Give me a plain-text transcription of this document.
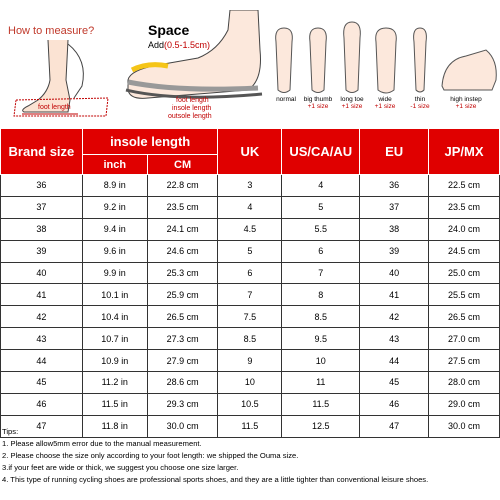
How to measure?
foot length
Space
Add(0.5-1.5cm)
foot length
insole length
outsole length
normal	big thumb
+1 size
long toe
+1 size
wide
+1 size
thin
-1 size
high instep
+1 size
Brand size	insole length		UK	US/CA/AU	EU	JP/MX
	inch	CM				
36	8.9 in	22.8 cm	3	4	36	22.5 cm
37	9.2 in	23.5 cm	4	5	37	23.5 cm
38	9.4 in	24.1 cm	4.5	5.5	38	24.0 cm
39	9.6 in	24.6 cm	5	6	39	24.5 cm
40	9.9 in	25.3 cm	6	7	40	25.0 cm
41	10.1 in	25.9 cm	7	8	41	25.5 cm
42	10.4 in	26.5 cm	7.5	8.5	42	26.5 cm
43	10.7 in	27.3 cm	8.5	9.5	43	27.0 cm
44	10.9 in	27.9 cm	9	10	44	27.5 cm
45	11.2 in	28.6 cm	10	11	45	28.0 cm
46	11.5 in	29.3 cm	10.5	11.5	46	29.0 cm
47	11.8 in	30.0 cm	11.5	12.5	47	30.0 cm
Tips:
1. Please allow5mm error due to the manual measurement.
2. Please choose the size only according to your foot length: we shipped the Ouma size.
3.if your feet are wide or thick, we suggest you choose one size larger.
4. This type of running cycling shoes are professional sports shoes, and they are a little tighter than conventional leisure shoes.
